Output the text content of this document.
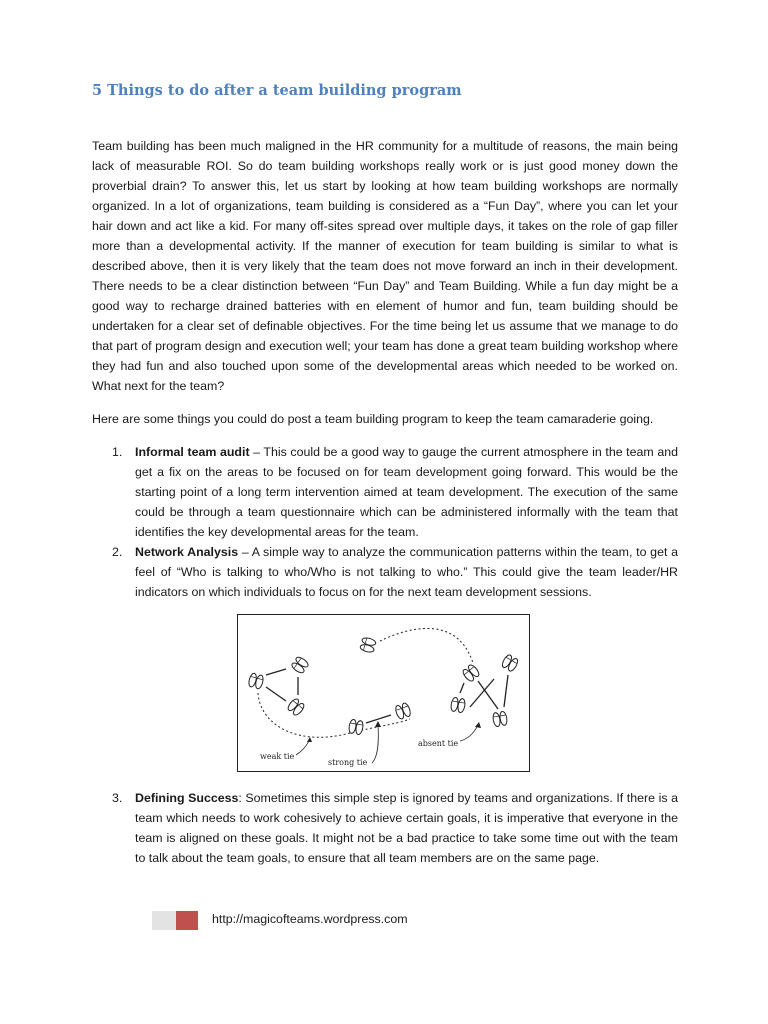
5 Things to do after a team building program

Team building has been much maligned in the HR community for a multitude of reasons, the main being lack of measurable ROI. So do team building workshops really work or is just good money down the proverbial drain? To answer this, let us start by looking at how team building workshops are normally organized. In a lot of organizations, team building is considered as a “Fun Day”, where you can let your hair down and act like a kid. For many off-sites spread over multiple days, it takes on the role of gap filler more than a developmental activity. If the manner of execution for team building is similar to what is described above, then it is very likely that the team does not move forward an inch in their development. There needs to be a clear distinction between “Fun Day” and Team Building. While a fun day might be a good way to recharge drained batteries with en element of humor and fun, team building should be undertaken for a clear set of definable objectives. For the time being let us assume that we manage to do that part of program design and execution well; your team has done a great team building workshop where they had fun and also touched upon some of the developmental areas which needed to be worked on. What next for the team?

Here are some things you could do post a team building program to keep the team camaraderie going.

1. Informal team audit – This could be a good way to gauge the current atmosphere in the team and get a fix on the areas to be focused on for team development going forward. This would be the starting point of a long term intervention aimed at team development. The execution of the same could be through a team questionnaire which can be administered informally with the team that identifies the key developmental areas for the team.
2. Network Analysis – A simple way to analyze the communication patterns within the team, to get a feel of “Who is talking to who/Who is not talking to who.” This could give the team leader/HR indicators on which individuals to focus on for the next team development sessions.
weak tie
strong tie
absent tie
3. Defining Success: Sometimes this simple step is ignored by teams and organizations. If there is a team which needs to work cohesively to achieve certain goals, it is imperative that everyone in the team is aligned on these goals. It might not be a bad practice to take some time out with the team to talk about the team goals, to ensure that all team members are on the same page.
http://magicofteams.wordpress.com
